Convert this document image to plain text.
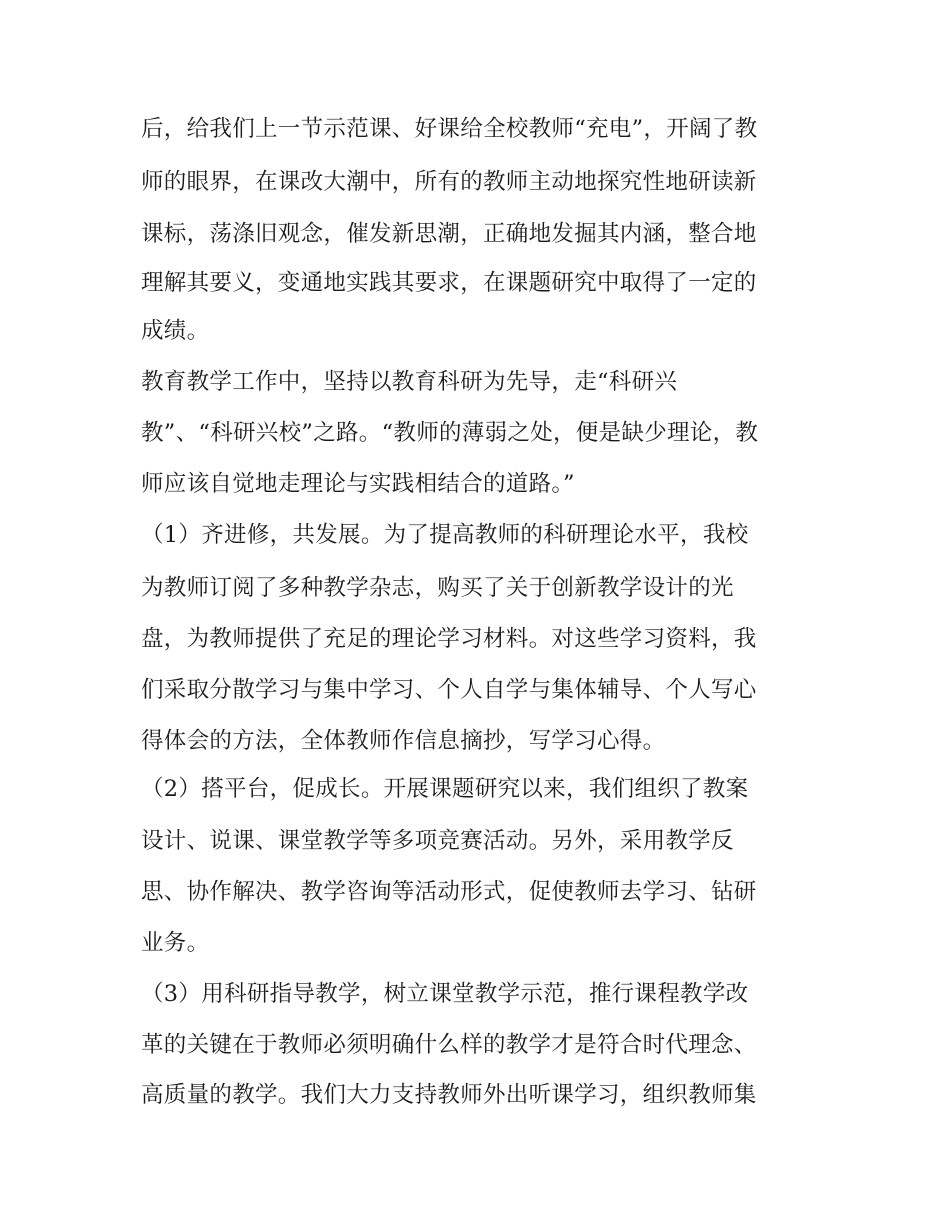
后，给我们上一节示范课、好课给全校教师“充电”，开阔了教
师的眼界，在课改大潮中，所有的教师主动地探究性地研读新
课标，荡涤旧观念，催发新思潮，正确地发掘其内涵，整合地
理解其要义，变通地实践其要求，在课题研究中取得了一定的
成绩。
教育教学工作中，坚持以教育科研为先导，走“科研兴
教”、“科研兴校”之路。“教师的薄弱之处，便是缺少理论，教
师应该自觉地走理论与实践相结合的道路。”
（1）齐进修，共发展。为了提高教师的科研理论水平，我校
为教师订阅了多种教学杂志，购买了关于创新教学设计的光
盘，为教师提供了充足的理论学习材料。对这些学习资料，我
们采取分散学习与集中学习、个人自学与集体辅导、个人写心
得体会的方法，全体教师作信息摘抄，写学习心得。
（2）搭平台，促成长。开展课题研究以来，我们组织了教案
设计、说课、课堂教学等多项竞赛活动。另外，采用教学反
思、协作解决、教学咨询等活动形式，促使教师去学习、钻研
业务。
（3）用科研指导教学，树立课堂教学示范，推行课程教学改
革的关键在于教师必须明确什么样的教学才是符合时代理念、
高质量的教学。我们大力支持教师外出听课学习，组织教师集
